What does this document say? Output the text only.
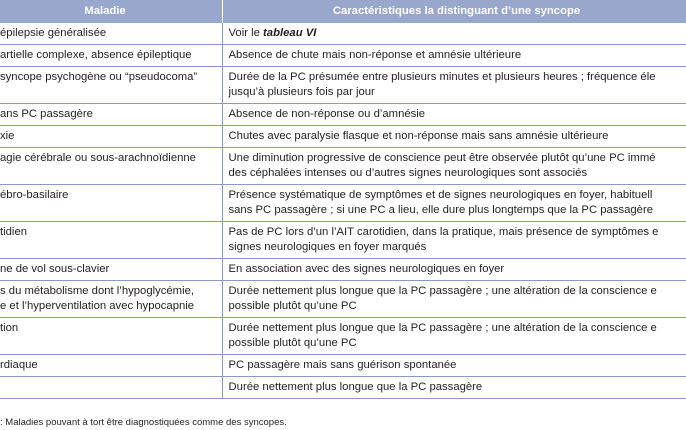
Maladie	Caractéristiques la distinguant d’une syncope

épilepsie généralisée	Voir le tableau VI

artielle complexe, absence épileptique	Absence de chute mais non-réponse et amnésie ultérieure

syncope psychogène ou “pseudocoma”	Durée de la PC présumée entre plusieurs minutes et plusieurs heures ; fréquence éle
jusqu’à plusieurs fois par jour

ans PC passagère	Absence de non-réponse ou d’amnésie

xie	Chutes avec paralysie flasque et non-réponse mais sans amnésie ultérieure

agie cérébrale ou sous-arachnoïdienne	Une diminution progressive de conscience peut être observée plutôt qu’une PC immé
des céphalées intenses ou d’autres signes neurologiques sont associés

ébro-basilaire	Présence systématique de symptômes et de signes neurologiques en foyer, habituell
sans PC passagère ; si une PC a lieu, elle dure plus longtemps que la PC passagère

tidien	Pas de PC lors d’un l’AIT carotidien, dans la pratique, mais présence de symptômes e
signes neurologiques en foyer marqués

ne de vol sous-clavier	En association avec des signes neurologiques en foyer

s du métabolisme dont l’hypoglycémie,
e et l’hyperventilation avec hypocapnie	Durée nettement plus longue que la PC passagère ; une altération de la conscience e
possible plutôt qu’une PC

tion	Durée nettement plus longue que la PC passagère ; une altération de la conscience e
possible plutôt qu’une PC

rdiaque	PC passagère mais sans guérison spontanée

	Durée nettement plus longue que la PC passagère
: Maladies pouvant à tort être diagnostiquées comme des syncopes.
